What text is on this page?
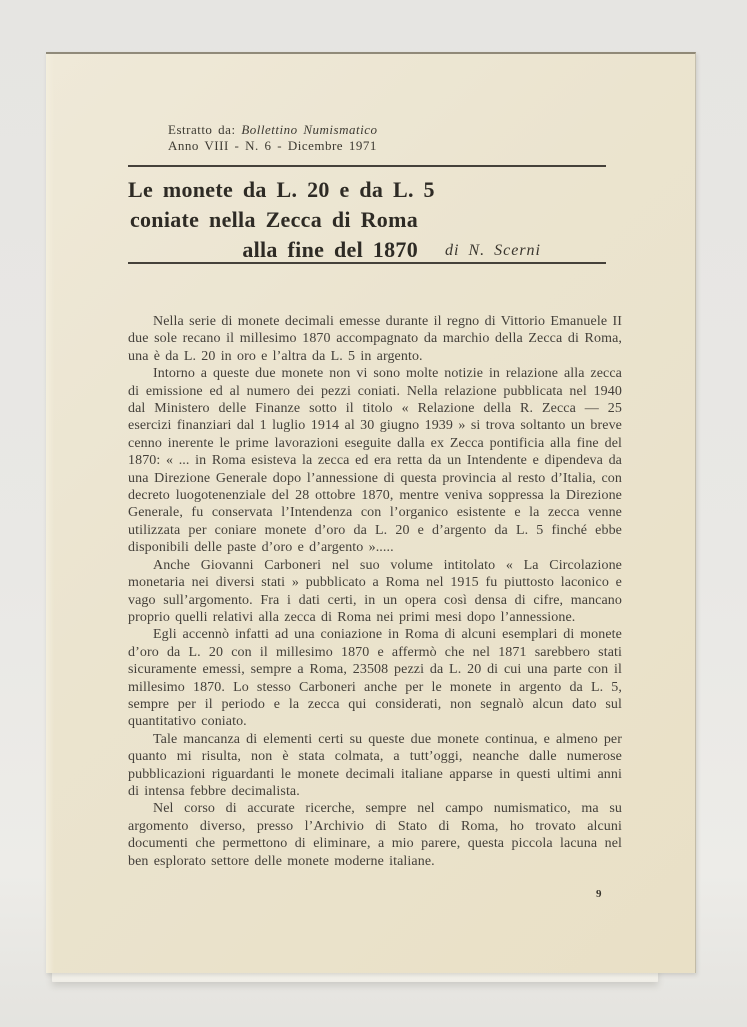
Estratto da: Bollettino Numismatico
Anno VIII - N. 6 - Dicembre 1971
Le monete da L. 20 e da L. 5
coniate nella Zecca di Roma
alla fine del 1870 di N. Scerni

Nella serie di monete decimali emesse durante il regno di Vittorio Emanuele II due sole recano il millesimo 1870 accompagnato da marchio della Zecca di Roma, una è da L. 20 in oro e l’altra da L. 5 in argento.

Intorno a queste due monete non vi sono molte notizie in relazione alla zecca di emissione ed al numero dei pezzi coniati. Nella relazione pubblicata nel 1940 dal Ministero delle Finanze sotto il titolo « Relazione della R. Zecca — 25 esercizi finanziari dal 1 luglio 1914 al 30 giugno 1939 » si trova soltanto un breve cenno inerente le prime lavorazioni eseguite dalla ex Zecca pontificia alla fine del 1870: « ... in Roma esisteva la zecca ed era retta da un Intendente e dipendeva da una Direzione Generale dopo l’annessione di questa provincia al resto d’Italia, con decreto luogotenenziale del 28 ottobre 1870, mentre veniva soppressa la Direzione Generale, fu conservata l’Intendenza con l’organico esistente e la zecca venne utilizzata per coniare monete d’oro da L. 20 e d’argento da L. 5 finché ebbe disponibili delle paste d’oro e d’argento ».....

Anche Giovanni Carboneri nel suo volume intitolato « La Circolazione monetaria nei diversi stati » pubblicato a Roma nel 1915 fu piuttosto laconico e vago sull’argomento. Fra i dati certi, in un opera così densa di cifre, mancano proprio quelli relativi alla zecca di Roma nei primi mesi dopo l’annessione.

Egli accennò infatti ad una coniazione in Roma di alcuni esemplari di monete d’oro da L. 20 con il millesimo 1870 e affermò che nel 1871 sarebbero stati sicuramente emessi, sempre a Roma, 23508 pezzi da L. 20 di cui una parte con il millesimo 1870. Lo stesso Carboneri anche per le monete in argento da L. 5, sempre per il periodo e la zecca qui considerati, non segnalò alcun dato sul quantitativo coniato.

Tale mancanza di elementi certi su queste due monete continua, e almeno per quanto mi risulta, non è stata colmata, a tutt’oggi, neanche dalle numerose pubblicazioni riguardanti le monete decimali italiane apparse in questi ultimi anni di intensa febbre decimalista.

Nel corso di accurate ricerche, sempre nel campo numismatico, ma su argomento diverso, presso l’Archivio di Stato di Roma, ho trovato alcuni documenti che permettono di eliminare, a mio parere, questa piccola lacuna nel ben esplorato settore delle monete moderne italiane.

9
